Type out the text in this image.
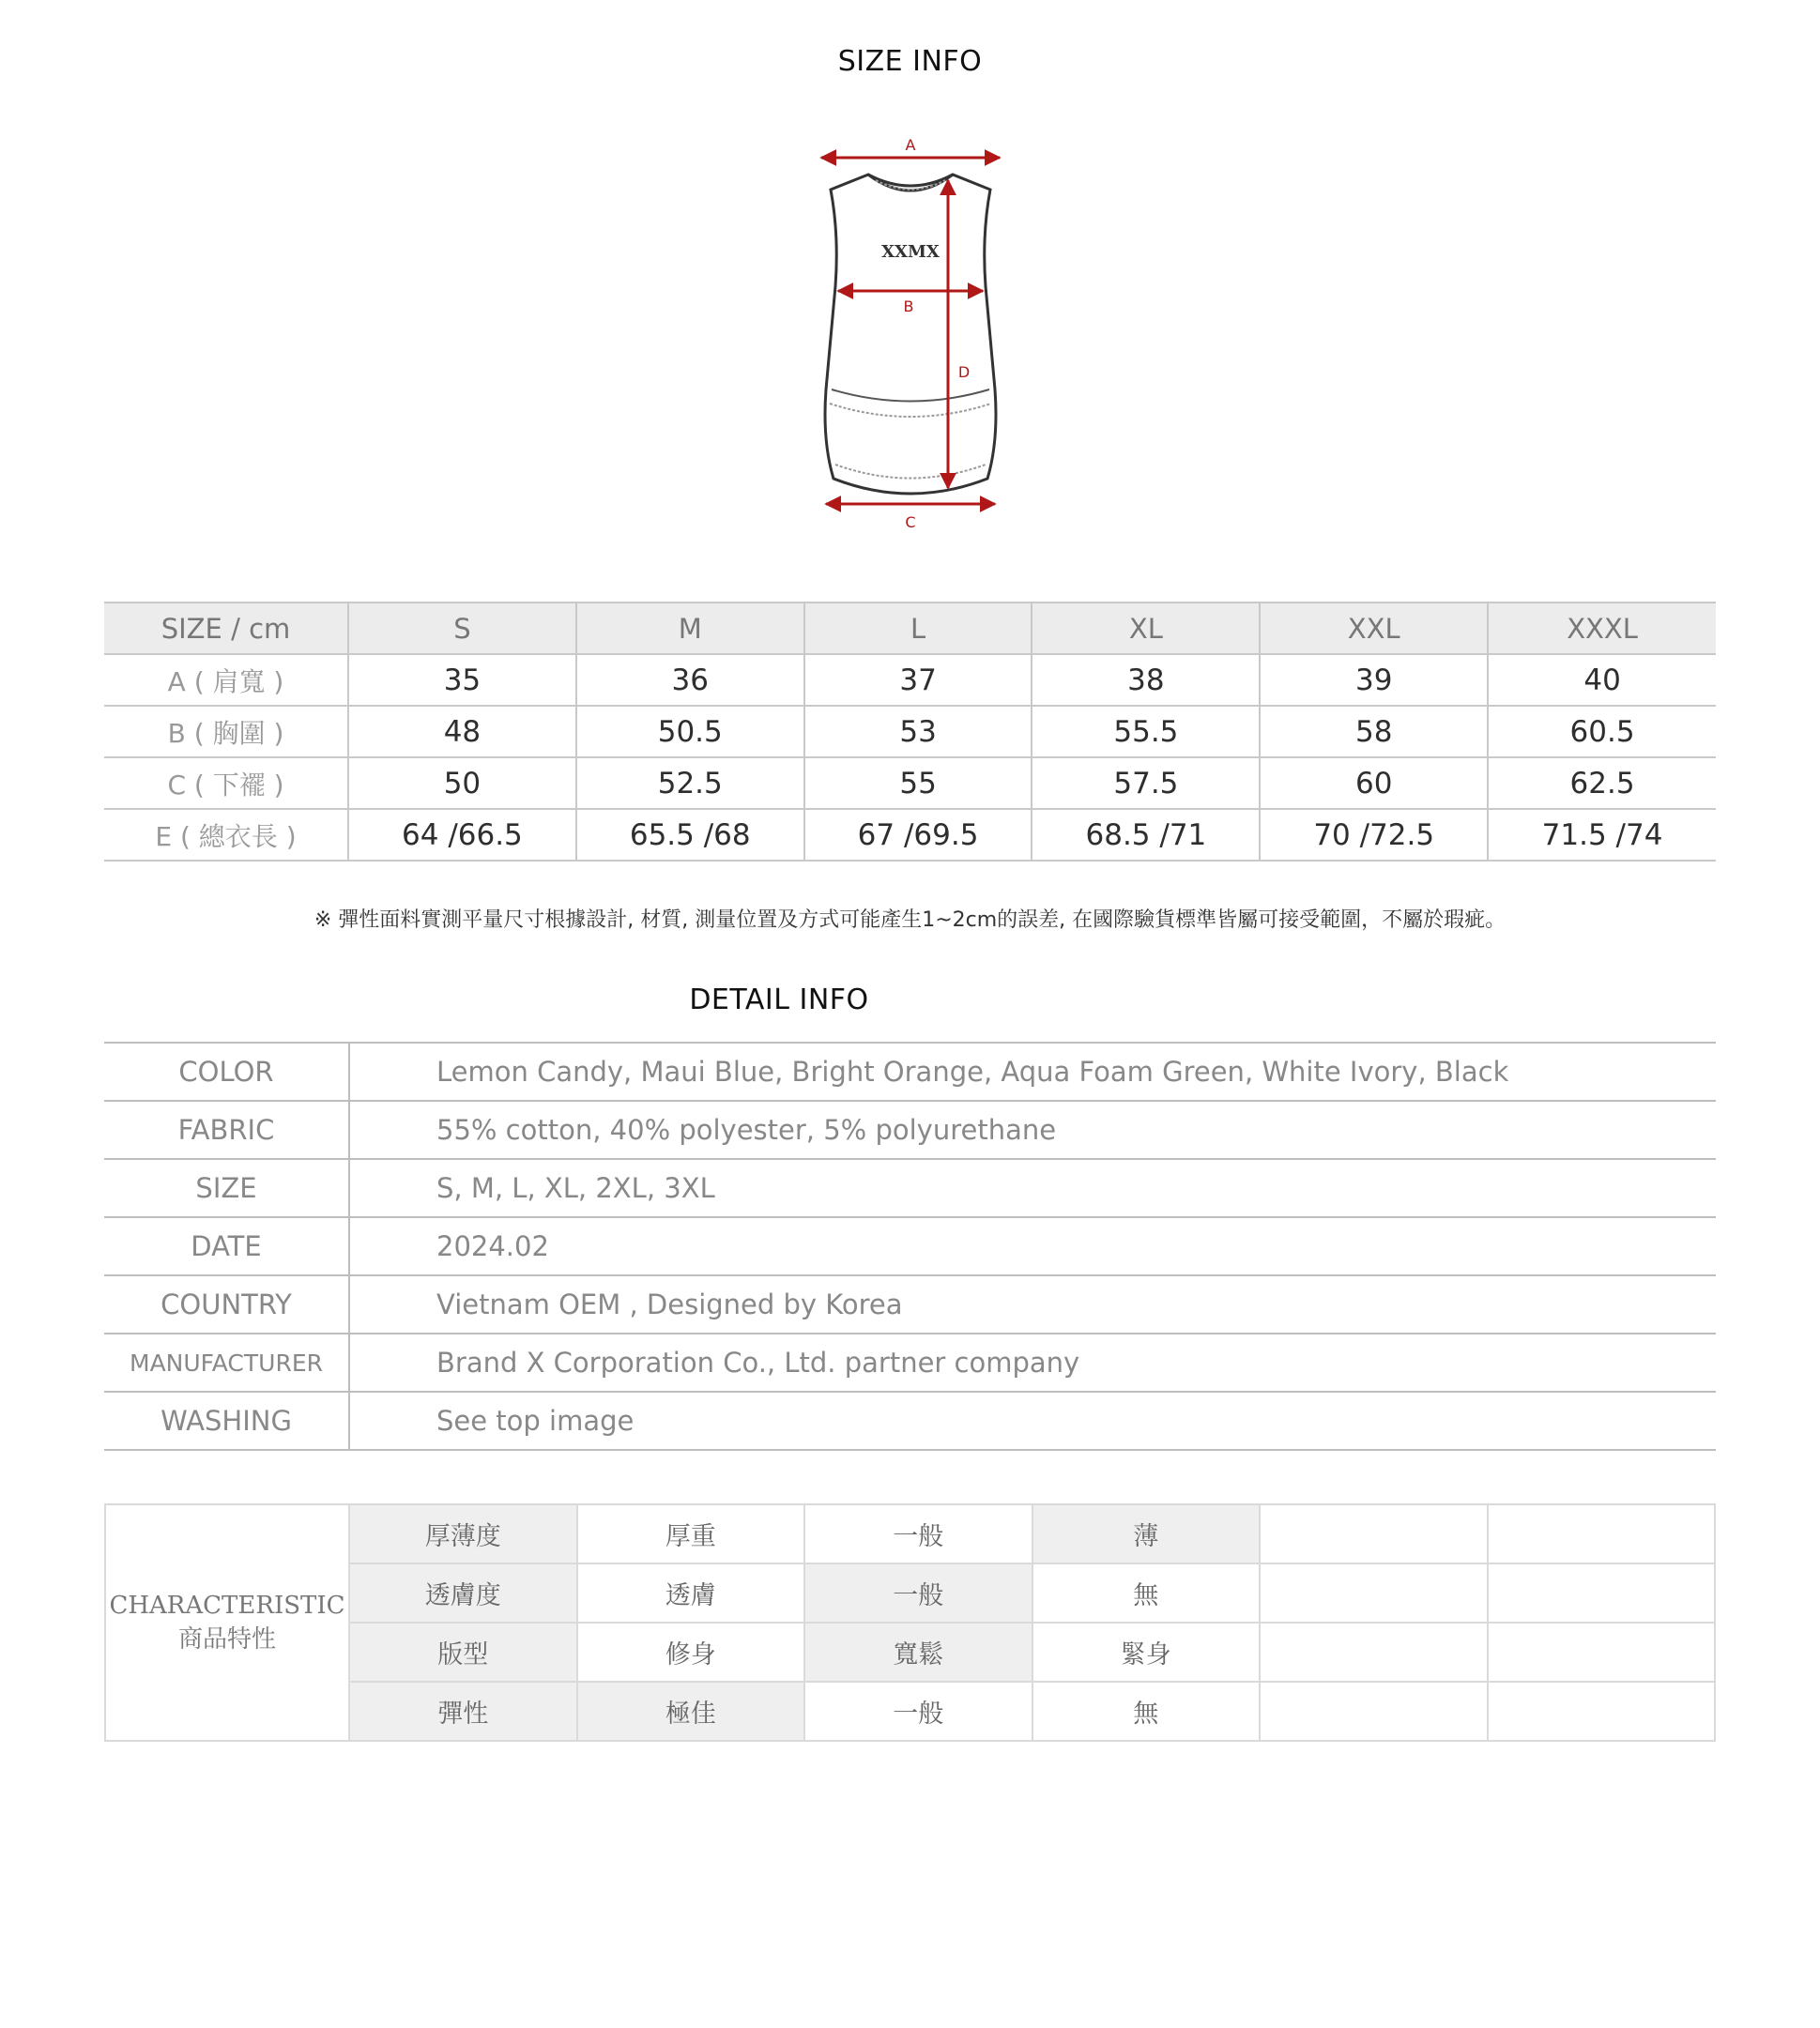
SIZE INFO
XXMX
A
B
D
C
SIZE / cm	S	M	L	XL	XXL	XXXL
A ( 肩寬 )	35	36	37	38	39	40
B ( 胸圍 )	48	50.5	53	55.5	58	60.5
C ( 下襬 )	50	52.5	55	57.5	60	62.5
E ( 總衣長 )	64 /66.5	65.5 /68	67 /69.5	68.5 /71	70 /72.5	71.5 /74
※ 彈性面料實測平量尺寸根據設計, 材質, 測量位置及方式可能產生1~2cm的誤差, 在國際驗貨標準皆屬可接受範圍，不屬於瑕疵。
DETAIL INFO
COLOR	Lemon Candy, Maui Blue, Bright Orange, Aqua Foam Green, White Ivory, Black
FABRIC	55% cotton, 40% polyester, 5% polyurethane
SIZE	S, M, L, XL, 2XL, 3XL
DATE	2024.02
COUNTRY	Vietnam OEM , Designed by Korea
MANUFACTURER	Brand X Corporation Co., Ltd. partner company
WASHING	See top image
CHARACTERISTIC
商品特性	厚薄度	厚重	一般	薄		
	透膚度	透膚	一般	無		
	版型	修身	寬鬆	緊身		
	彈性	極佳	一般	無		
